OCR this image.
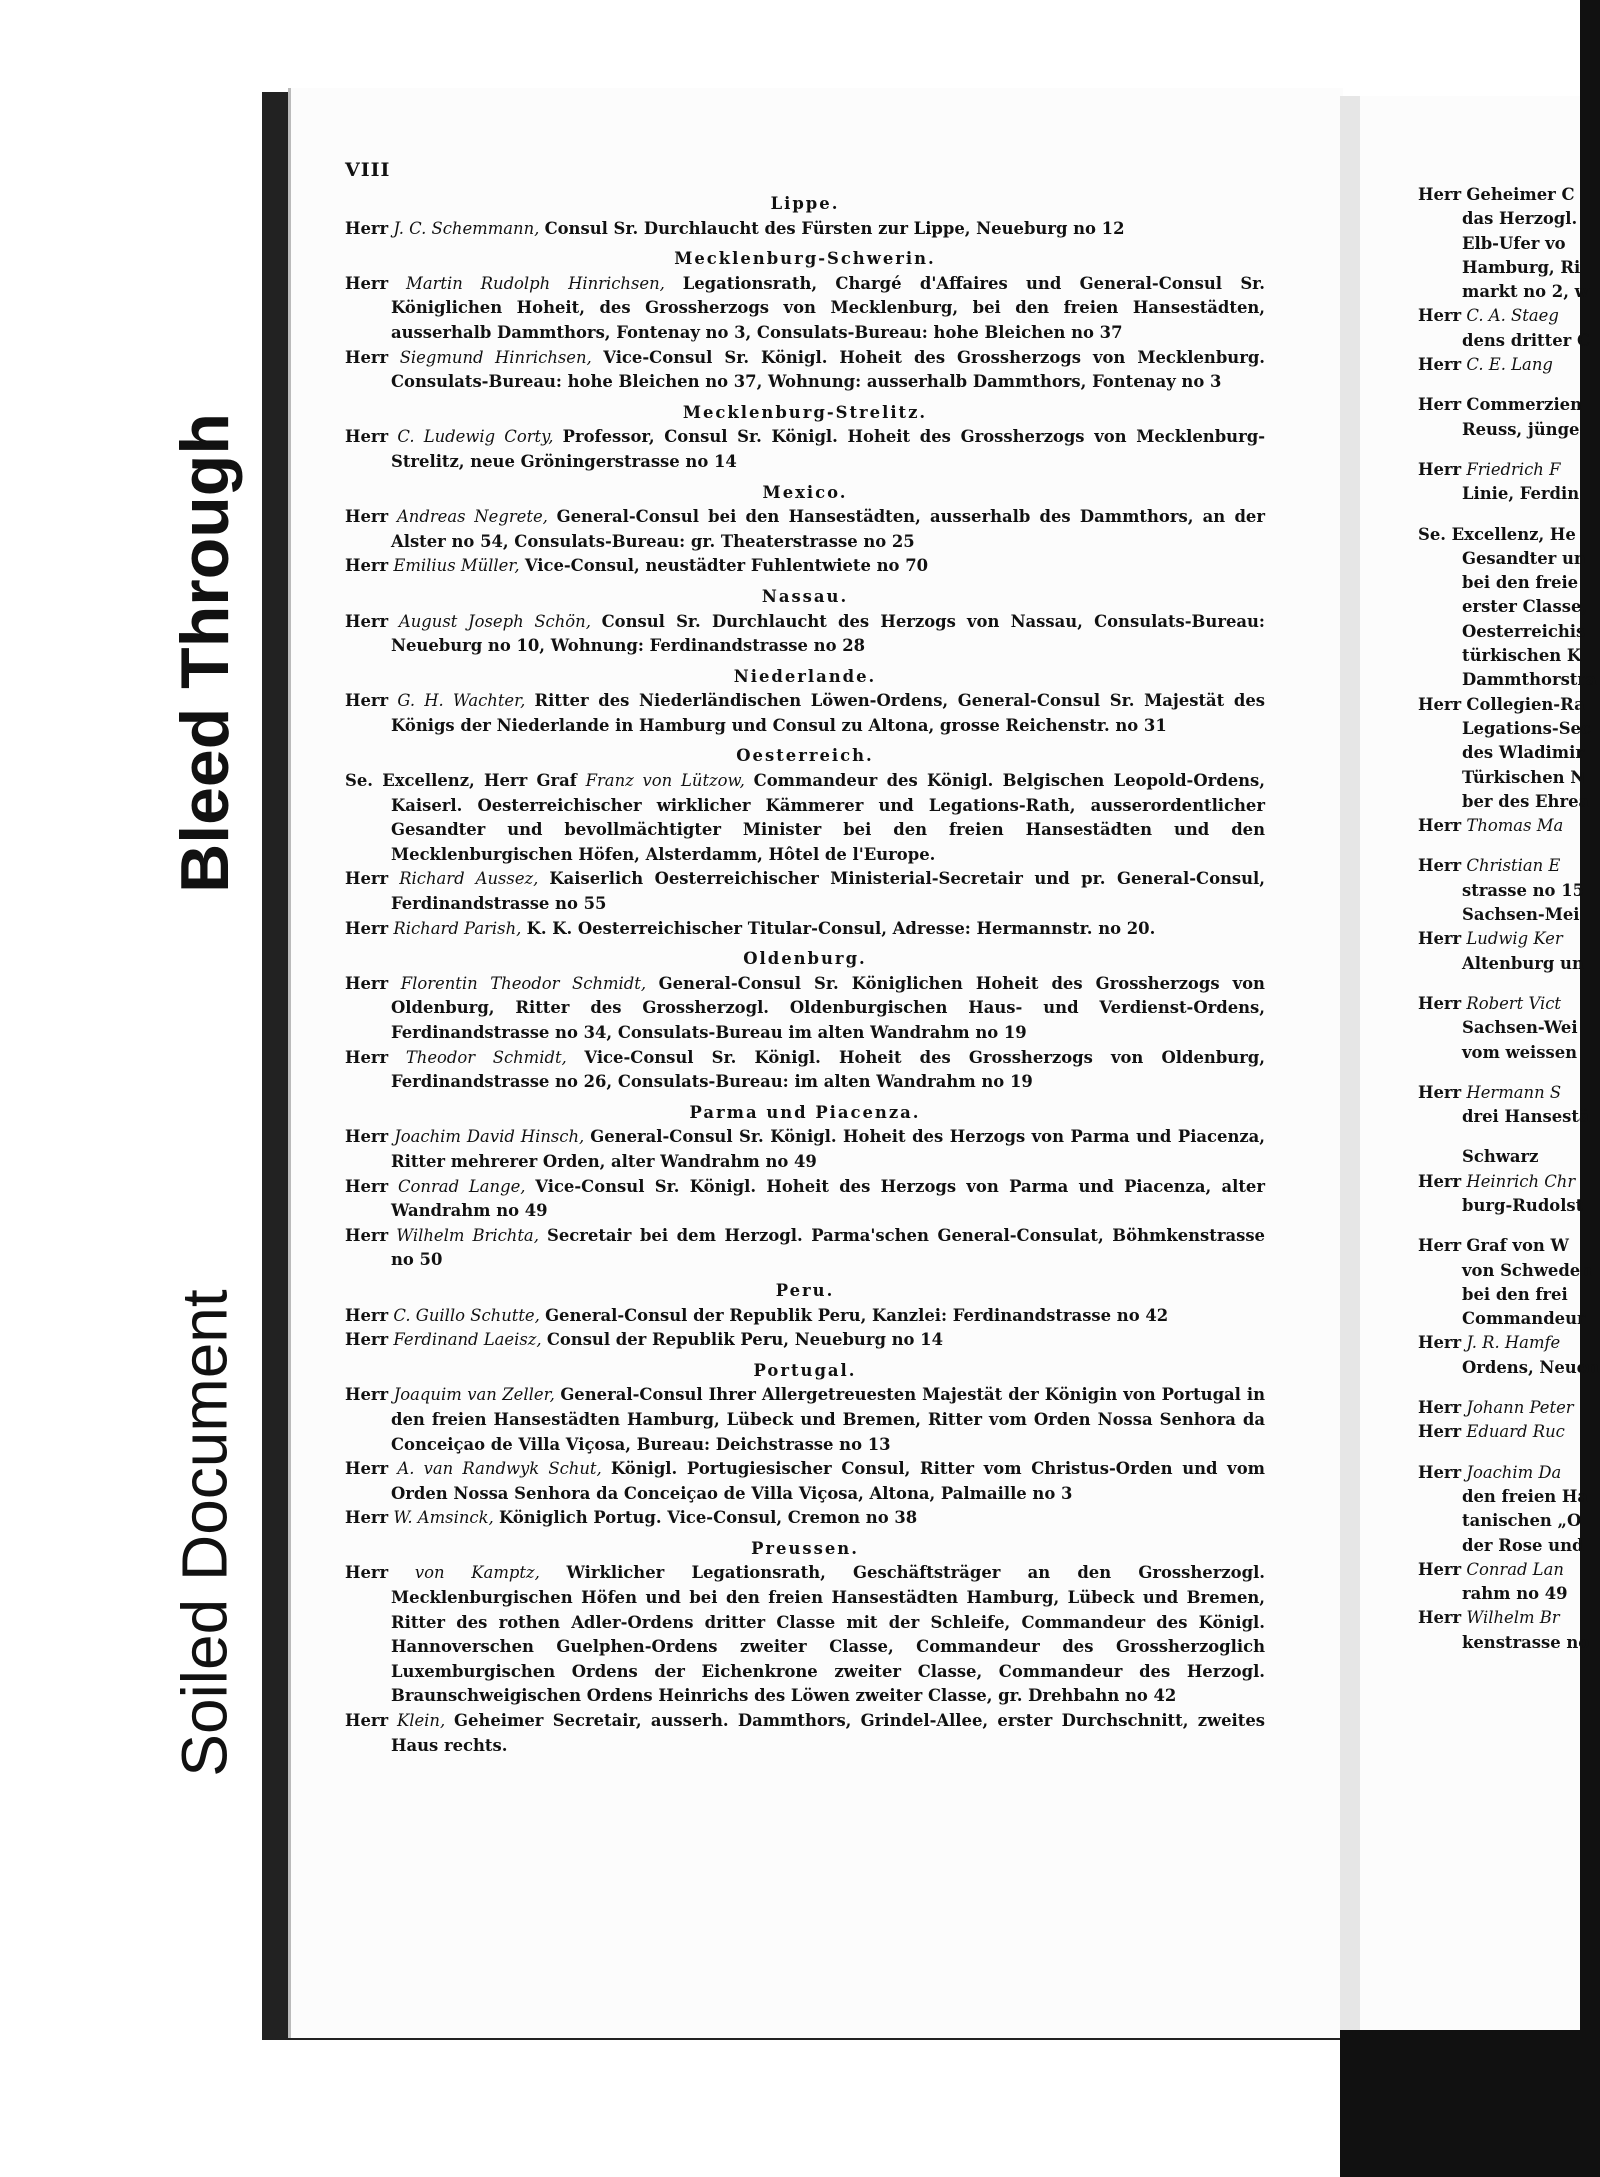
Bleed Through
Soiled Document
VIII
Lippe.
Herr J. C. Schemmann, Consul Sr. Durchlaucht des Fürsten zur Lippe, Neueburg no 12
Mecklenburg-Schwerin.
Herr Martin Rudolph Hinrichsen, Legationsrath, Chargé d'Affaires und General-Consul Sr. Königlichen Hoheit, des Grossherzogs von Mecklenburg, bei den freien Hansestädten, ausserhalb Dammthors, Fontenay no 3, Consulats-Bureau: hohe Bleichen no 37
Herr Siegmund Hinrichsen, Vice-Consul Sr. Königl. Hoheit des Grossherzogs von Mecklenburg. Consulats-Bureau: hohe Bleichen no 37, Wohnung: ausserhalb Dammthors, Fontenay no 3
Mecklenburg-Strelitz.
Herr C. Ludewig Corty, Professor, Consul Sr. Königl. Hoheit des Grossherzogs von Mecklenburg-Strelitz, neue Gröningerstrasse no 14
Mexico.
Herr Andreas Negrete, General-Consul bei den Hansestädten, ausserhalb des Dammthors, an der Alster no 54, Consulats-Bureau: gr. Theaterstrasse no 25
Herr Emilius Müller, Vice-Consul, neustädter Fuhlentwiete no 70
Nassau.
Herr August Joseph Schön, Consul Sr. Durchlaucht des Herzogs von Nassau, Consulats-Bureau: Neueburg no 10, Wohnung: Ferdinandstrasse no 28
Niederlande.
Herr G. H. Wachter, Ritter des Niederländischen Löwen-Ordens, General-Consul Sr. Majestät des Königs der Niederlande in Hamburg und Consul zu Altona, grosse Reichenstr. no 31
Oesterreich.
Se. Excellenz, Herr Graf Franz von Lützow, Commandeur des Königl. Belgischen Leopold-Ordens, Kaiserl. Oesterreichischer wirklicher Kämmerer und Legations-Rath, ausserordentlicher Gesandter und bevollmächtigter Minister bei den freien Hansestädten und den Mecklenburgischen Höfen, Alsterdamm, Hôtel de l'Europe.
Herr Richard Aussez, Kaiserlich Oesterreichischer Ministerial-Secretair und pr. General-Consul, Ferdinandstrasse no 55
Herr Richard Parish, K. K. Oesterreichischer Titular-Consul, Adresse: Hermannstr. no 20.
Oldenburg.
Herr Florentin Theodor Schmidt, General-Consul Sr. Königlichen Hoheit des Grossherzogs von Oldenburg, Ritter des Grossherzogl. Oldenburgischen Haus- und Verdienst-Ordens, Ferdinandstrasse no 34, Consulats-Bureau im alten Wandrahm no 19
Herr Theodor Schmidt, Vice-Consul Sr. Königl. Hoheit des Grossherzogs von Oldenburg, Ferdinandstrasse no 26, Consulats-Bureau: im alten Wandrahm no 19
Parma und Piacenza.
Herr Joachim David Hinsch, General-Consul Sr. Königl. Hoheit des Herzogs von Parma und Piacenza, Ritter mehrerer Orden, alter Wandrahm no 49
Herr Conrad Lange, Vice-Consul Sr. Königl. Hoheit des Herzogs von Parma und Piacenza, alter Wandrahm no 49
Herr Wilhelm Brichta, Secretair bei dem Herzogl. Parma'schen General-Consulat, Böhmkenstrasse no 50
Peru.
Herr C. Guillo Schutte, General-Consul der Republik Peru, Kanzlei: Ferdinandstrasse no 42
Herr Ferdinand Laeisz, Consul der Republik Peru, Neueburg no 14
Portugal.
Herr Joaquim van Zeller, General-Consul Ihrer Allergetreuesten Majestät der Königin von Portugal in den freien Hansestädten Hamburg, Lübeck und Bremen, Ritter vom Orden Nossa Senhora da Conceiçao de Villa Viçosa, Bureau: Deichstrasse no 13
Herr A. van Randwyk Schut, Königl. Portugiesischer Consul, Ritter vom Christus-Orden und vom Orden Nossa Senhora da Conceiçao de Villa Viçosa, Altona, Palmaille no 3
Herr W. Amsinck, Königlich Portug. Vice-Consul, Cremon no 38
Preussen.
Herr von Kamptz, Wirklicher Legationsrath, Geschäftsträger an den Grossherzogl. Mecklenburgischen Höfen und bei den freien Hansestädten Hamburg, Lübeck und Bremen, Ritter des rothen Adler-Ordens dritter Classe mit der Schleife, Commandeur des Königl. Hannoverschen Guelphen-Ordens zweiter Classe, Commandeur des Grossherzoglich Luxemburgischen Ordens der Eichenkrone zweiter Classe, Commandeur des Herzogl. Braunschweigischen Ordens Heinrichs des Löwen zweiter Classe, gr. Drehbahn no 42
Herr Klein, Geheimer Secretair, ausserh. Dammthors, Grindel-Allee, erster Durchschnitt, zweites Haus rechts.
Herr Geheimer C
das Herzogl.
Elb-Ufer vo
Hamburg, Ri
markt no 2, w
Herr C. A. Staeg
dens dritter C
Herr C. E. Lang
Herr Commerzien
Reuss, jünge
Herr Friedrich F
Linie, Ferdin
Se. Excellenz, He
Gesandter un
bei den freie
erster Classe,
Oesterreichis
türkischen K
Dammthorstra
Herr Collegien-Ra
Legations-Sec
des Wladimir
Türkischen N
ber des Ehrea
Herr Thomas Ma
Herr Christian E
strasse no 15
Sachsen-Mei
Herr Ludwig Ker
Altenburg un
Herr Robert Vict
Sachsen-Wei
vom weissen
Herr Hermann S
drei Hansestä
Schwarz
Herr Heinrich Chr
burg-Rudolst
Herr Graf von W
von Schweden
bei den frei
Commandeur
Herr J. R. Hamfe
Ordens, Neuen
Herr Johann Peter
Herr Eduard Ruc
Herr Joachim Da
den freien Ha
tanischen „O
der Rose und
Herr Conrad Lan
rahm no 49
Herr Wilhelm Br
kenstrasse no
